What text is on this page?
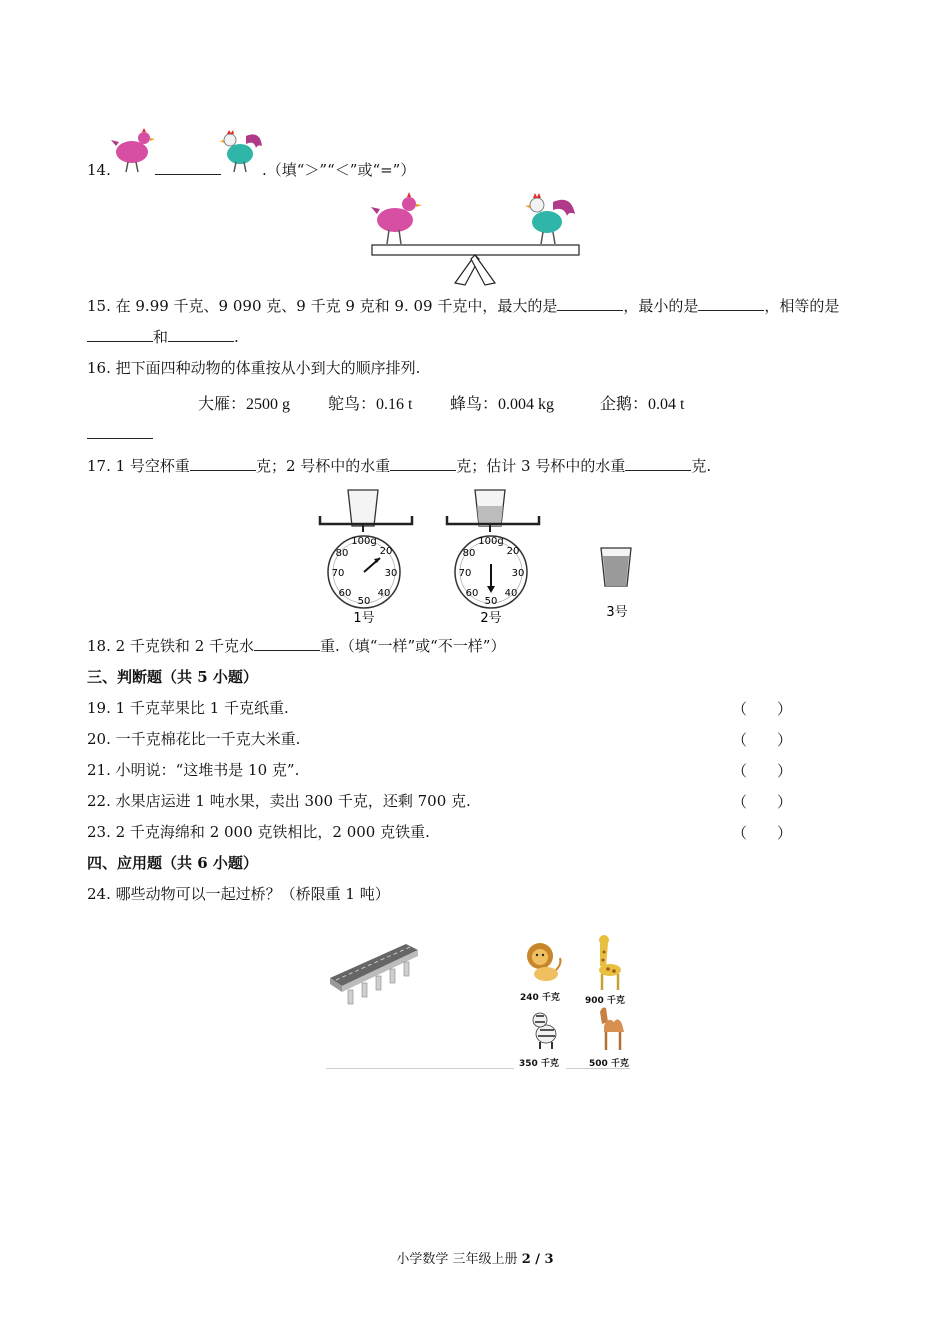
14.	.（填“＞”“＜”或“=”）
15. 在 9.99 千克、9 090 克、9 千克 9 克和 9. 09 千克中，最大的是	，最小的是	，相等的是
和	.
16. 把下面四种动物的体重按从小到大的顺序排列.
大雁：2500 g 鸵鸟：0.16 t 蜂鸟：0.004 kg	企鹅：0.04 t
17. 1 号空杯重	克；2 号杯中的水重	克；估计 3 号杯中的水重	克.
100g
20
30
40
50
60
70
80
1号
100g
20
30
40
50
60
70
80
2号	3号
18. 2 千克铁和 2 千克水	重.（填“一样”或“不一样”）
三、判断题（共 5 小题）
19. 1 千克苹果比 1 千克纸重.	（　　）
20. 一千克棉花比一千克大米重.	（　　）
21. 小明说：“这堆书是 10 克”.	（　　）
22. 水果店运进 1 吨水果，卖出 300 千克，还剩 700 克.	（　　）
23. 2 千克海绵和 2 000 克铁相比，2 000 克铁重.	（　　）
四、应用题（共 6 小题）
24. 哪些动物可以一起过桥？（桥限重 1 吨）
240 千克	900 千克
350 千克	500 千克
小学数学 三年级上册 2 / 3
